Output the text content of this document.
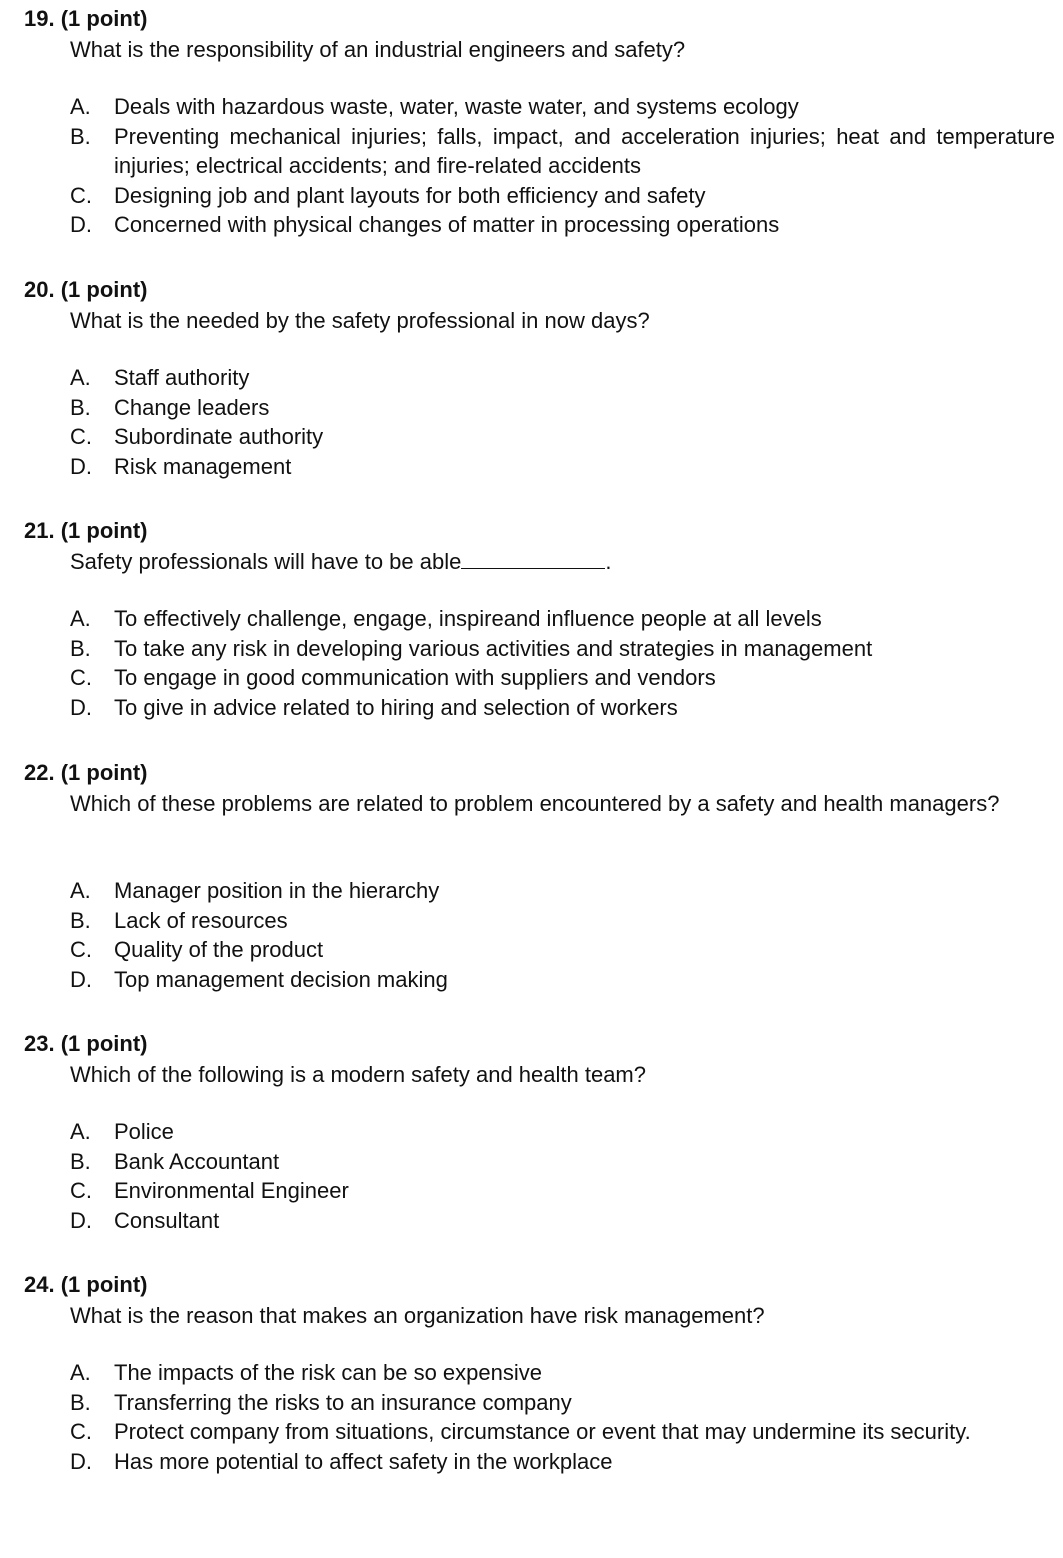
19. (1 point)
What is the responsibility of an industrial engineers and safety?
A.	Deals with hazardous waste, water, waste water, and systems ecology
B.	Preventing mechanical injuries; falls, impact, and acceleration injuries; heat and temperature injuries; electrical accidents; and fire-related accidents
C.	Designing job and plant layouts for both efficiency and safety
D.	Concerned with physical changes of matter in processing operations
20. (1 point)
What is the needed by the safety professional in now days?
A.	Staff authority
B.	Change leaders
C.	Subordinate authority
D.	Risk management
21. (1 point)
Safety professionals will have to be able	.
A.	To effectively challenge, engage, inspireand influence people at all levels
B.	To take any risk in developing various activities and strategies in management
C.	To engage in good communication with suppliers and vendors
D.	To give in advice related to hiring and selection of workers
22. (1 point)
Which of these problems are related to problem encountered by a safety and health managers?
A.	Manager position in the hierarchy
B.	Lack of resources
C.	Quality of the product
D.	Top management decision making
23. (1 point)
Which of the following is a modern safety and health team?
A.	Police
B.	Bank Accountant
C.	Environmental Engineer
D.	Consultant
24. (1 point)
What is the reason that makes an organization have risk management?
A.	The impacts of the risk can be so expensive
B.	Transferring the risks to an insurance company
C.	Protect company from situations, circumstance or event that may undermine its security.
D.	Has more potential to affect safety in the workplace
